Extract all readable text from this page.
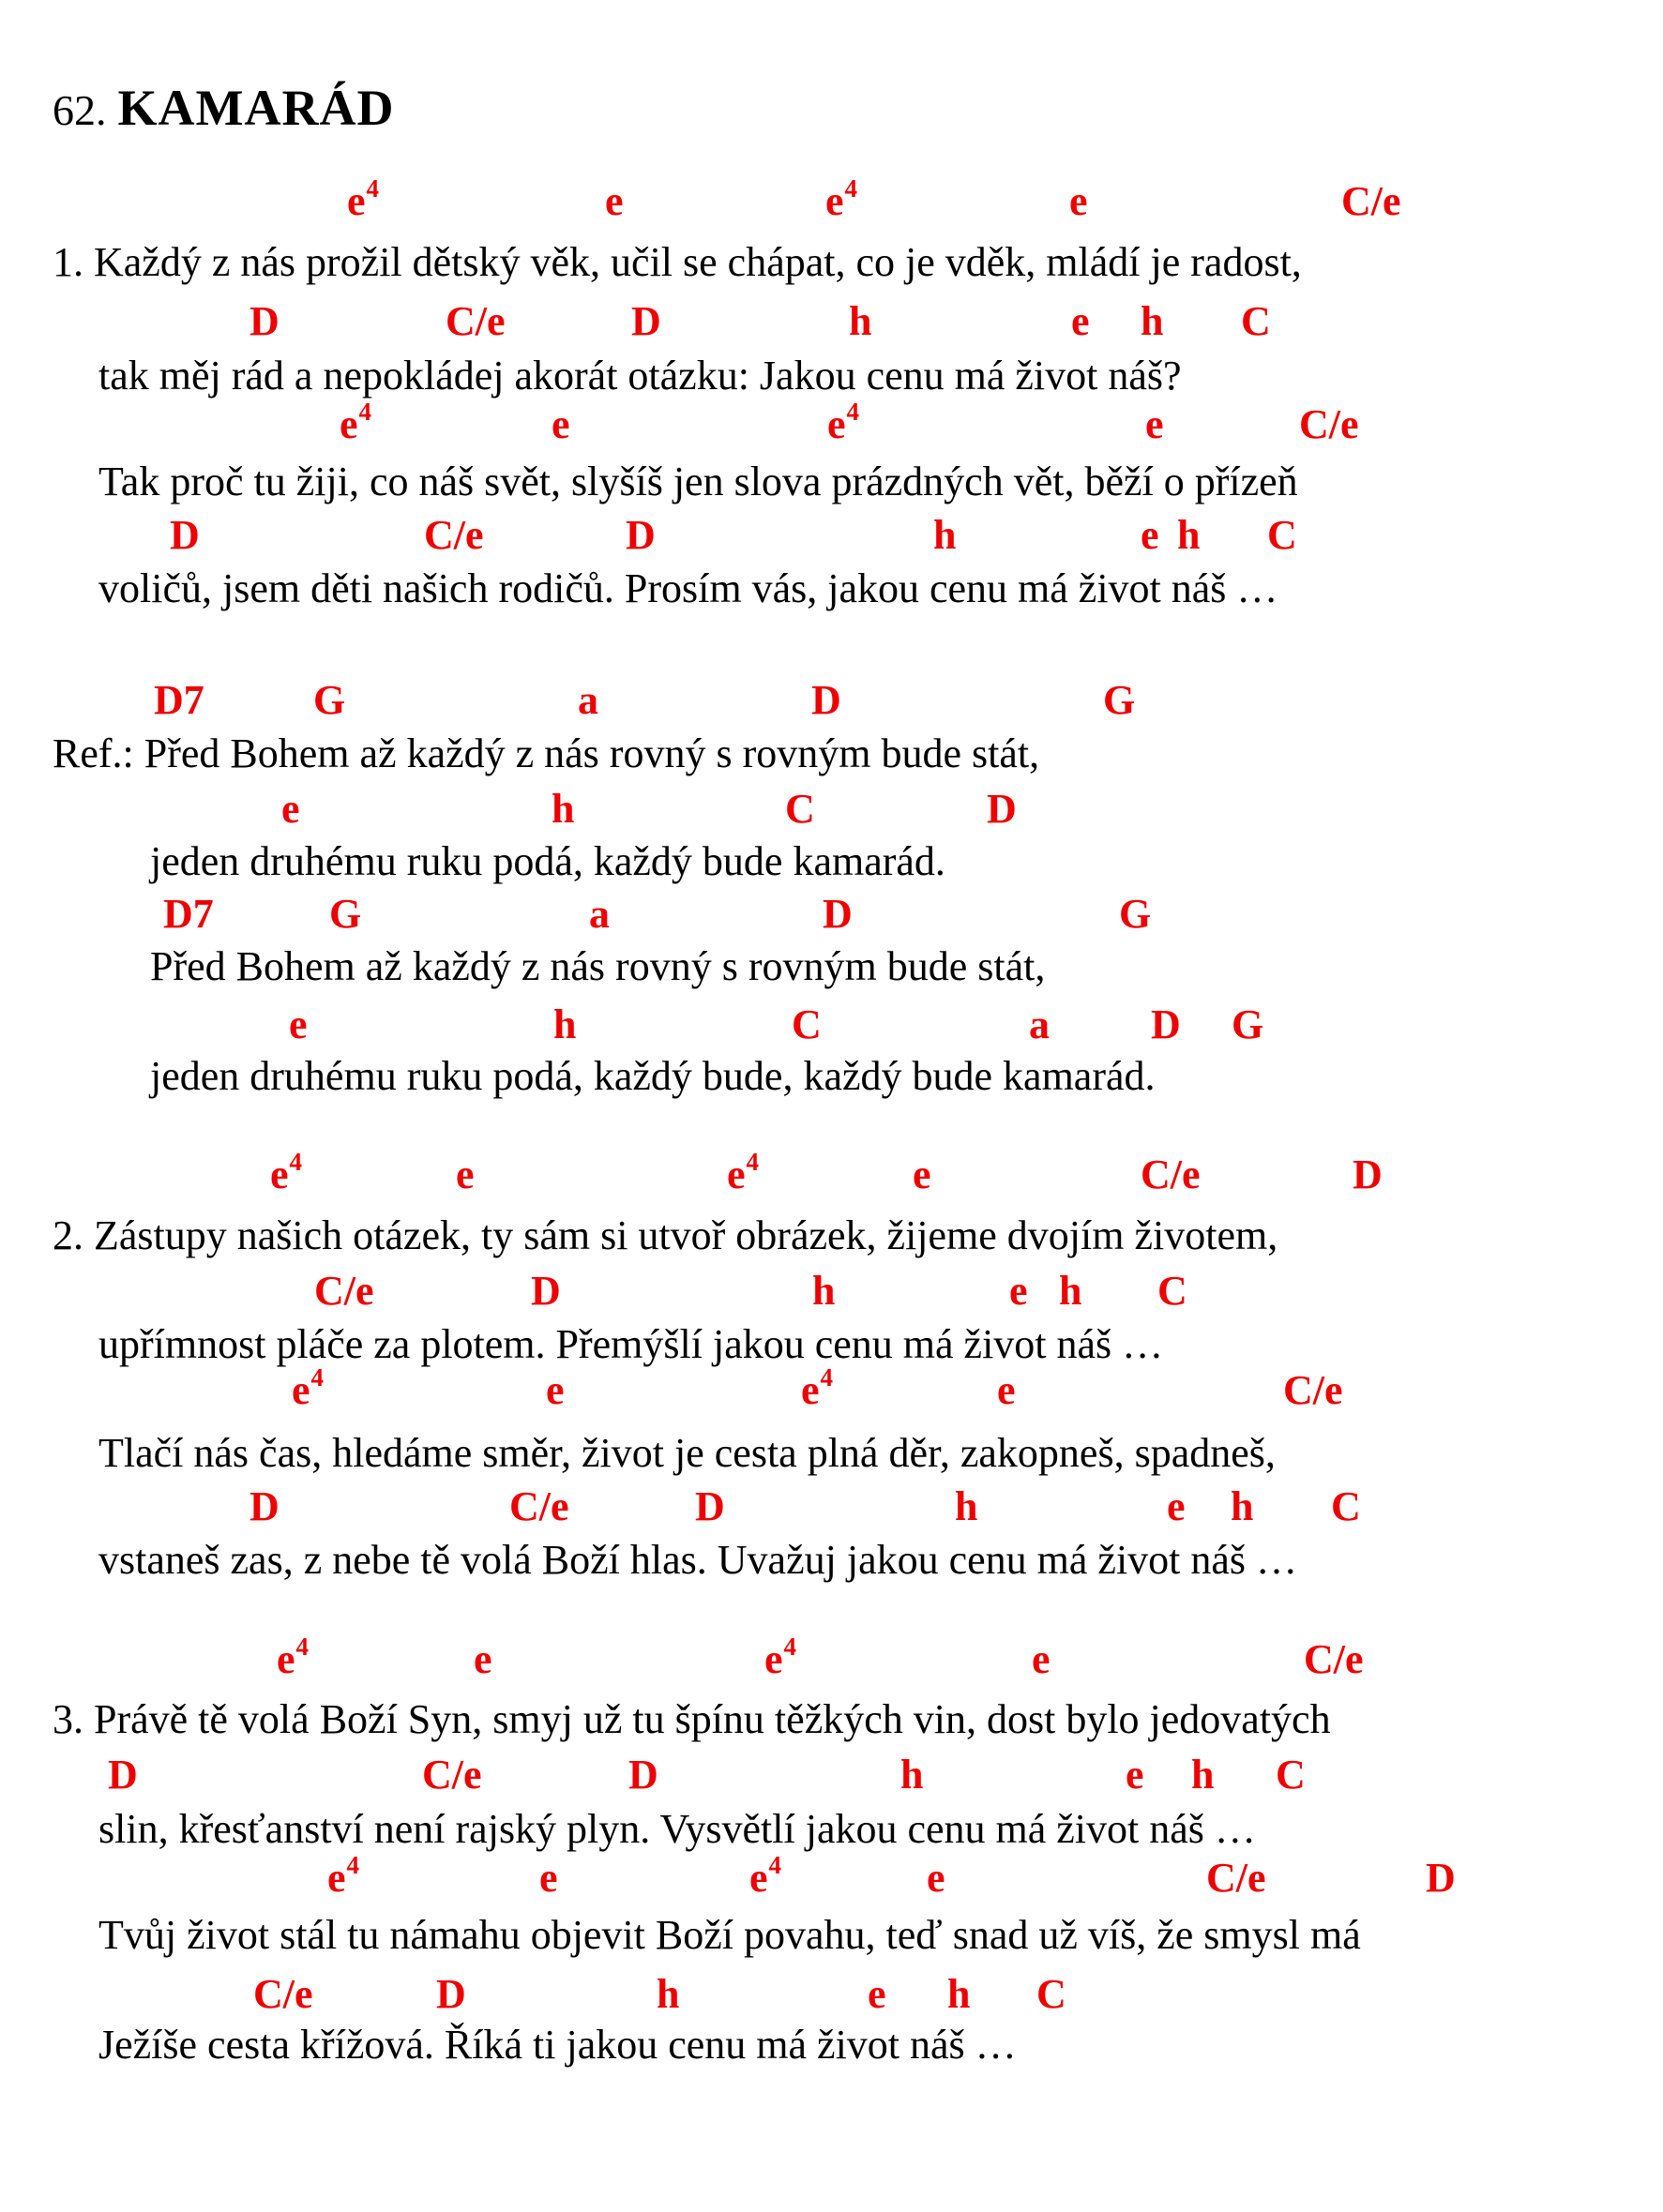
62. KAMARÁD
$e^4$	e	$e^4$	e	C/e
1. Každý z nás prožil dětský věk, učil se chápat, co je vděk, mládí je radost,
D	C/e	D	h	e h C
tak měj rád a nepokládej akorát otázku: Jakou cenu má život náš?
$e^4$	e	$e^4$	e	C/e
Tak proč tu žiji, co náš svět, slyšíš jen slova prázdných vět, běží o přízeň
D	C/e	D	h	e h C
voličů, jsem děti našich rodičů. Prosím vás, jakou cenu má život náš …
D7	G	a	D	G
Ref.: Před Bohem až každý z nás rovný s rovným bude stát,
e	h	C	D
jeden druhému ruku podá, každý bude kamarád.
D7	G	a	D	G
Před Bohem až každý z nás rovný s rovným bude stát,
e	h	C	a D G
jeden druhému ruku podá, každý bude, každý bude kamarád.
$e^4$	e	$e^4$	e	C/e	D
2. Zástupy našich otázek, ty sám si utvoř obrázek, žijeme dvojím životem,
C/e	D	h	e h C
upřímnost pláče za plotem. Přemýšlí jakou cenu má život náš …
$e^4$	e	$e^4$	e	C/e
Tlačí nás čas, hledáme směr, život je cesta plná děr, zakopneš, spadneš,
D	C/e	D	h	e h C
vstaneš zas, z nebe tě volá Boží hlas. Uvažuj jakou cenu má život náš …
$e^4$	e	$e^4$	e	C/e
3. Právě tě volá Boží Syn, smyj už tu špínu těžkých vin, dost bylo jedovatých
D	C/e	D	h	e h C
slin, křesťanství není rajský plyn. Vysvětlí jakou cenu má život náš …
$e^4$	e	$e^4$	e	C/e	D
Tvůj život stál tu námahu objevit Boží povahu, teď snad už víš, že smysl má
C/e	D	h	e h C
Ježíše cesta křížová. Říká ti jakou cenu má život náš …
